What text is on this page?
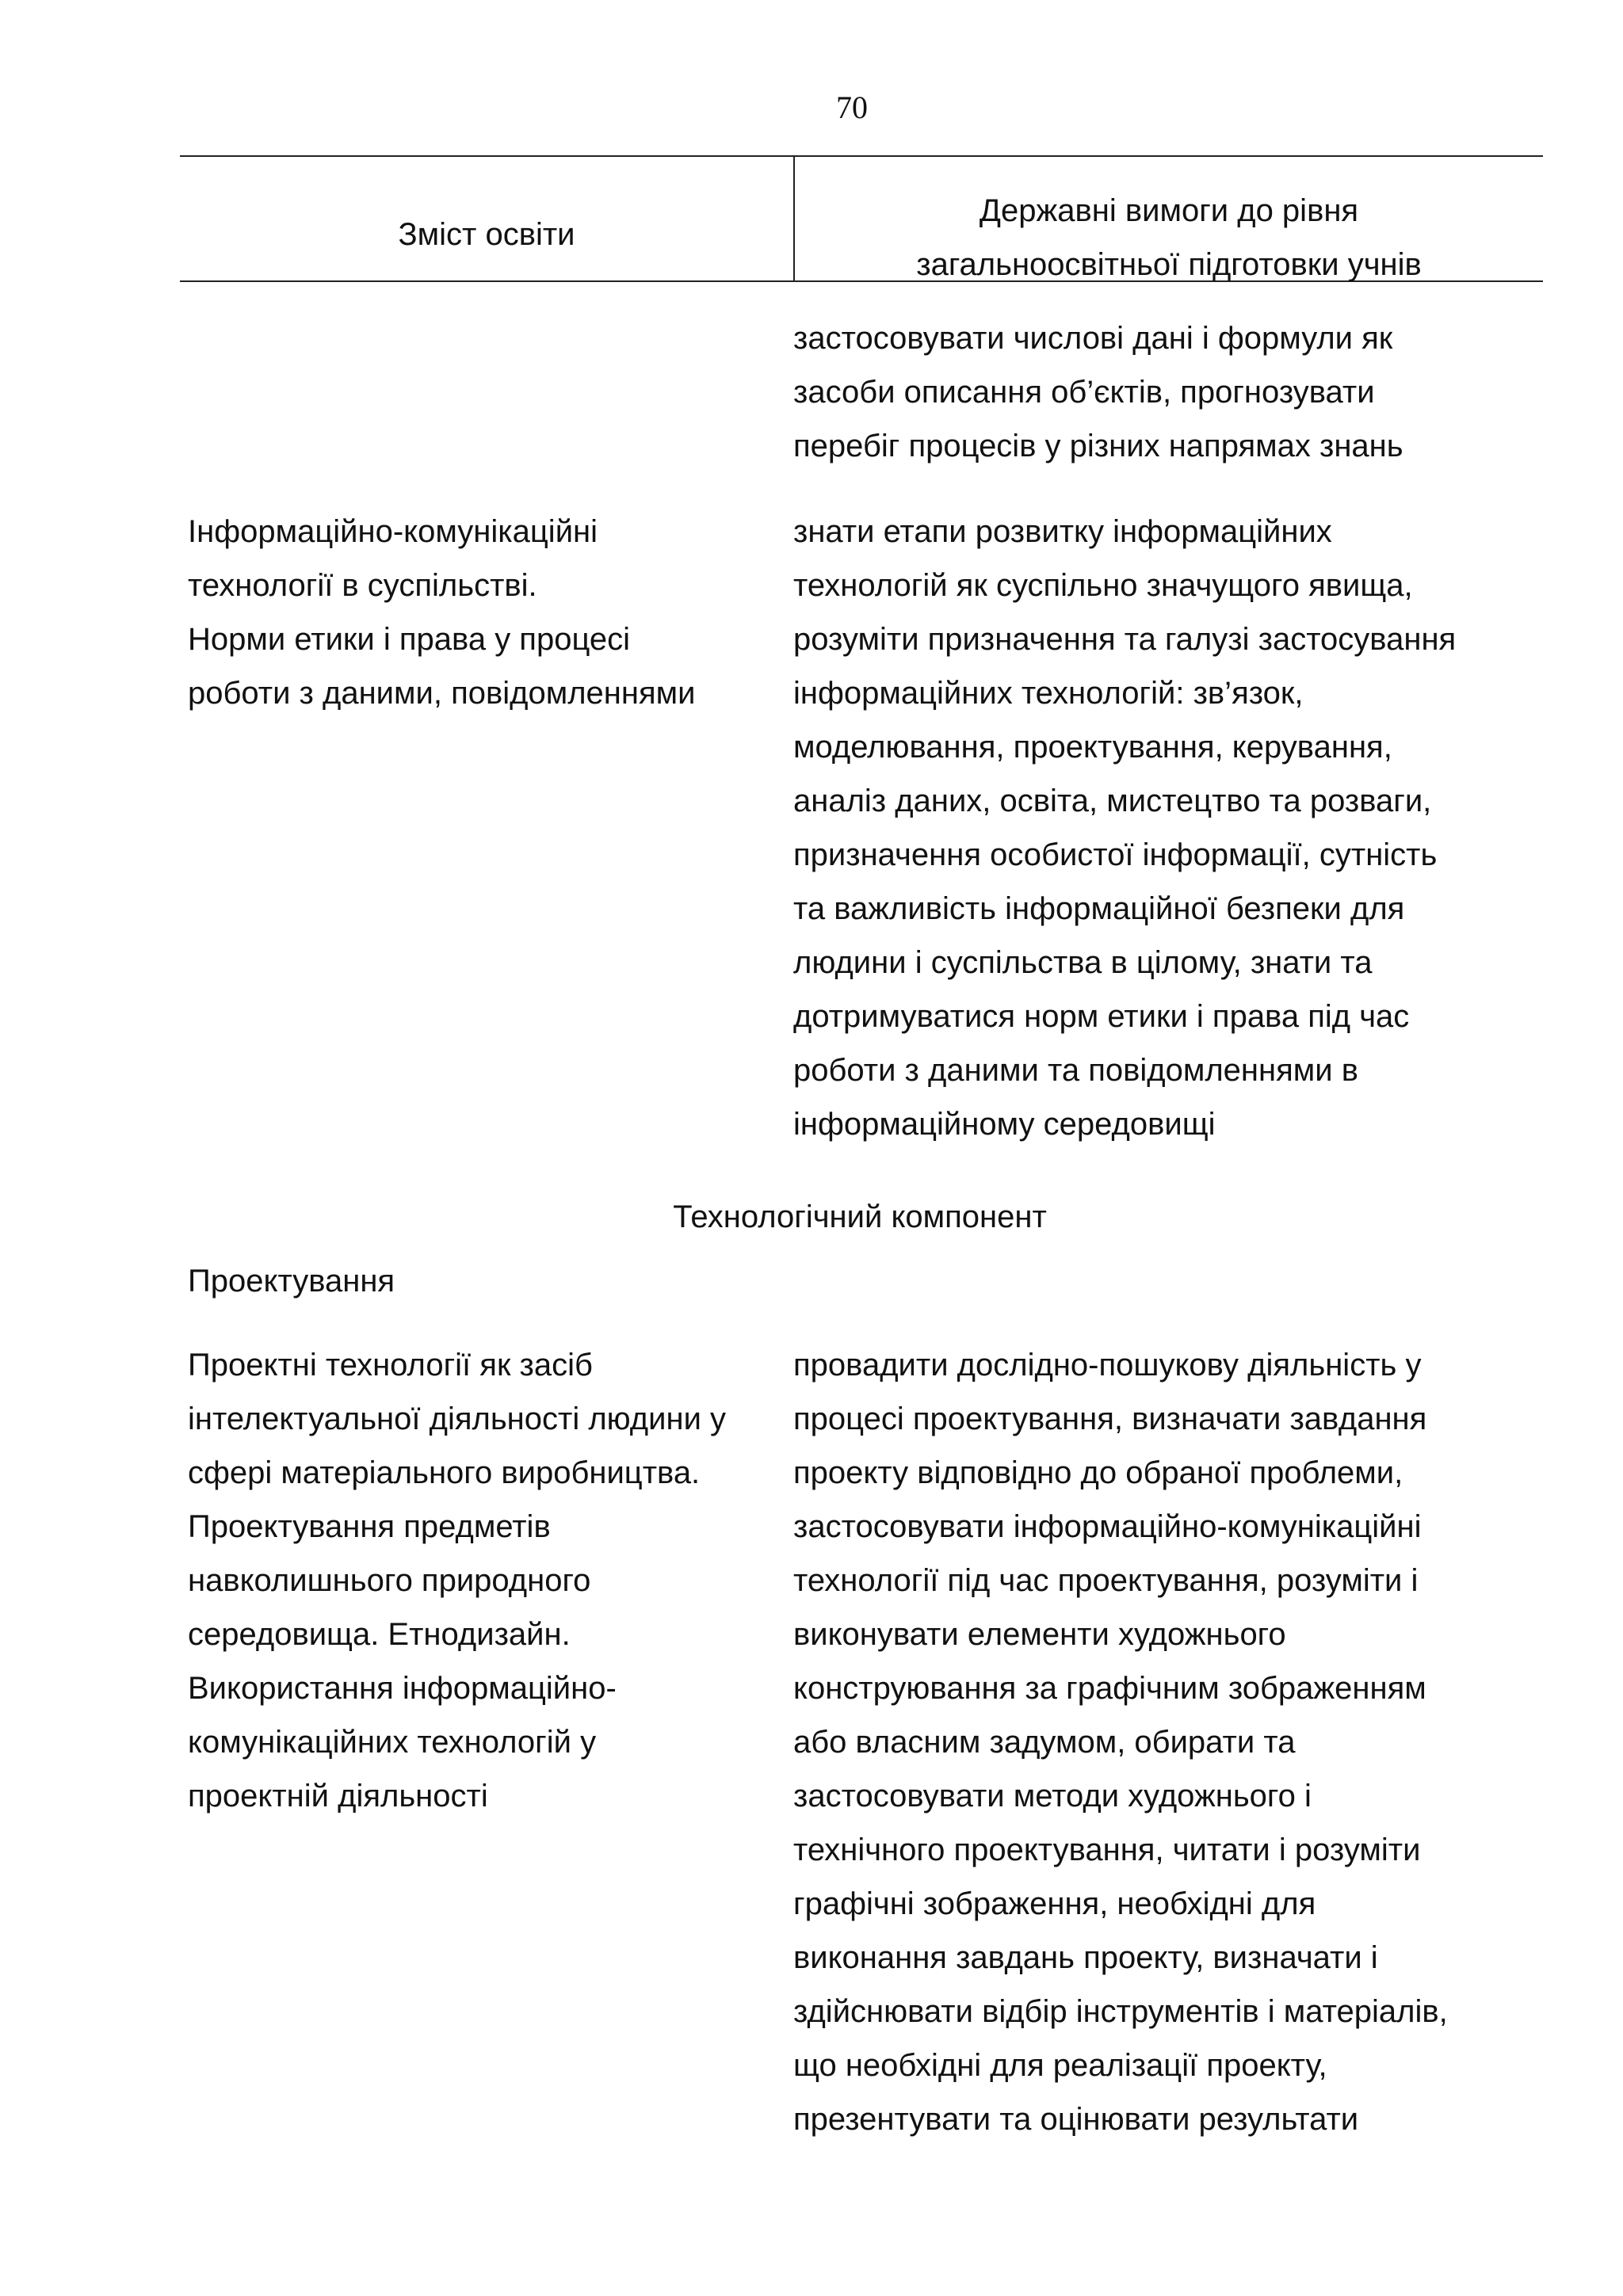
70
Зміст освіти
Державні вимоги до рівня
загальноосвітньої підготовки учнів
застосовувати числові дані і формули як
засоби описання об’єктів, прогнозувати
перебіг процесів у різних напрямах знань
Інформаційно-комунікаційні
технології в суспільстві.
Норми етики і права у процесі
роботи з даними, повідомленнями
знати етапи розвитку інформаційних
технологій як суспільно значущого явища,
розуміти призначення та галузі застосування
інформаційних технологій: зв’язок,
моделювання, проектування, керування,
аналіз даних, освіта, мистецтво та розваги,
призначення особистої інформації, сутність
та важливість інформаційної безпеки для
людини і суспільства в цілому, знати та
дотримуватися норм етики і права під час
роботи з даними та повідомленнями в
інформаційному середовищі
Технологічний компонент
Проектування
Проектні технології як засіб
інтелектуальної діяльності людини у
сфері матеріального виробництва.
Проектування предметів
навколишнього природного
середовища. Етнодизайн.
Використання інформаційно-
комунікаційних технологій у
проектній діяльності
провадити дослідно-пошукову діяльність у
процесі проектування, визначати завдання
проекту відповідно до обраної проблеми,
застосовувати інформаційно-комунікаційні
технології під час проектування, розуміти і
виконувати елементи художнього
конструювання за графічним зображенням
або власним задумом, обирати та
застосовувати методи художнього і
технічного проектування, читати і розуміти
графічні зображення, необхідні для
виконання завдань проекту, визначати і
здійснювати відбір інструментів і матеріалів,
що необхідні для реалізації проекту,
презентувати та оцінювати результати
